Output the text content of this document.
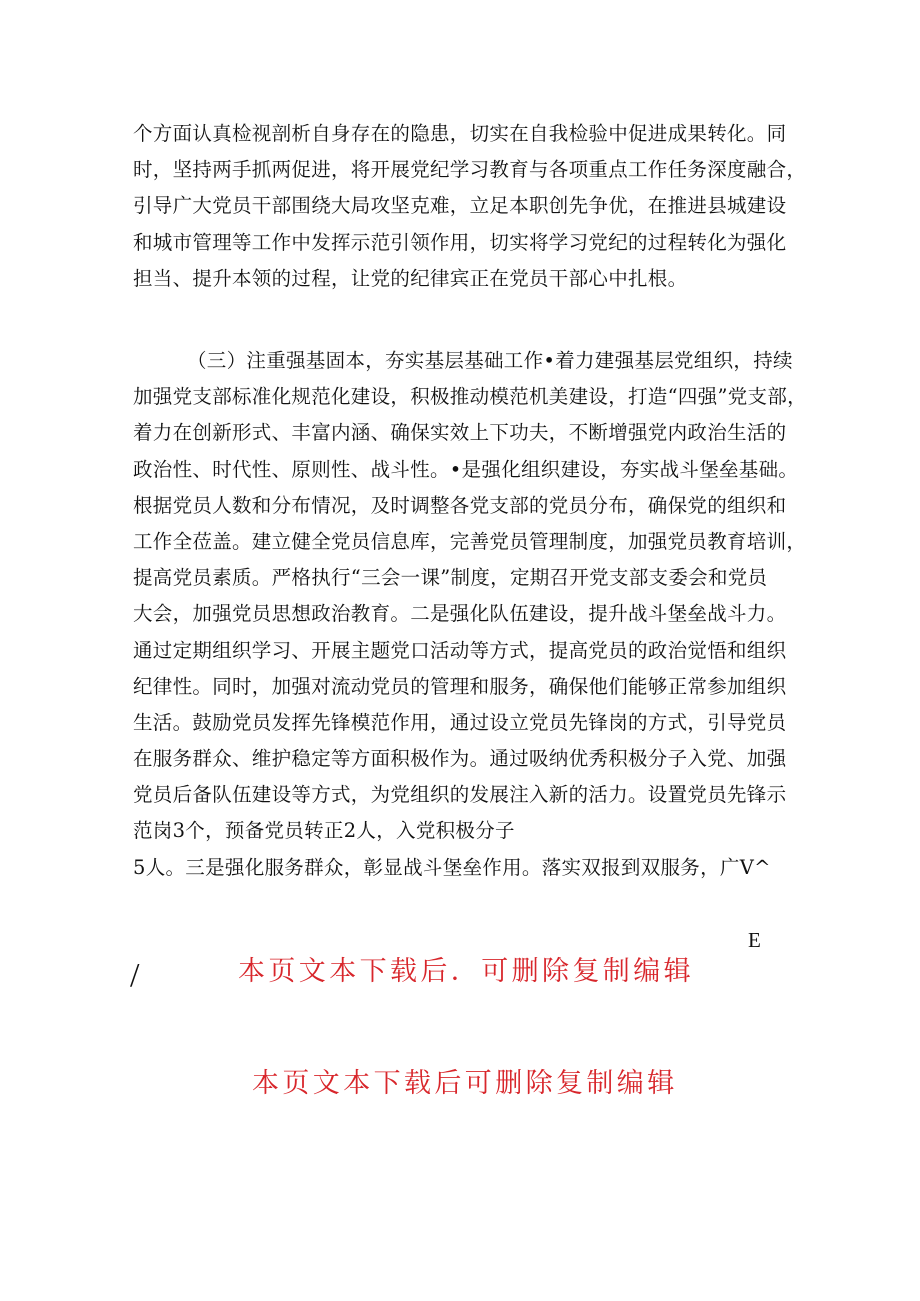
个方面认真检视剖析自身存在的隐患，切实在自我检验中促进成果转化。同
时，坚持两手抓两促进，将开展党纪学习教育与各项重点工作任务深度融合，
引导广大党员干部围绕大局攻坚克难，立足本职创先争优，在推进县城建设
和城市管理等工作中发挥示范引领作用，切实将学习党纪的过程转化为强化
担当、提升本领的过程，让党的纪律宾正在党员干部心中扎根。
（三）注重强基固本，夯实基层基础工作•着力建强基层党组织，持续
加强党支部标准化规范化建设，积极推动模范机美建设，打造“四强”党支部，
着力在创新形式、丰富内涵、确保实效上下功夫，不断增强党内政治生活的
政治性、时代性、原则性、战斗性。•是强化组织建设，夯实战斗堡垒基础。
根据党员人数和分布情况，及时调整各党支部的党员分布，确保党的组织和
工作全莅盖。建立健全党员信息库，完善党员管理制度，加强党员教育培训，
提高党员素质。严格执行“三会一课”制度，定期召开党支部支委会和党员
大会，加强党员思想政治教育。二是强化队伍建设，提升战斗堡垒战斗力。
通过定期组织学习、开展主题党口活动等方式，提高党员的政治觉悟和组织
纪律性。同时，加强对流动党员的管理和服务，确保他们能够正常参加组织
生活。鼓励党员发挥先锋模范作用，通过设立党员先锋岗的方式，引导党员
在服务群众、维护稳定等方面积极作为。通过吸纳优秀积极分子入党、加强
党员后备队伍建设等方式，为党组织的发展注入新的活力。设置党员先锋示
范岗3个，预备党员转正2人，入党积极分子
5人。三是强化服务群众，彰显战斗堡垒作用。落实双报到双服务，广V^
E
/	本页文本下载后．可删除复制编辑
本页文本下载后可删除复制编辑
